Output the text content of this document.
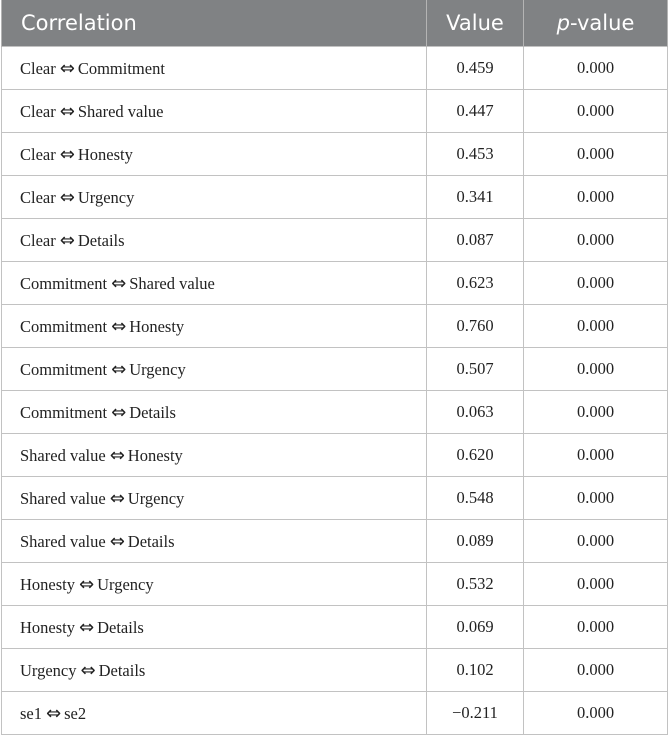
Correlation	Value	p-value
Clear ⇔ Commitment	0.459	0.000
Clear ⇔ Shared value	0.447	0.000
Clear ⇔ Honesty	0.453	0.000
Clear ⇔ Urgency	0.341	0.000
Clear ⇔ Details	0.087	0.000
Commitment ⇔ Shared value	0.623	0.000
Commitment ⇔ Honesty	0.760	0.000
Commitment ⇔ Urgency	0.507	0.000
Commitment ⇔ Details	0.063	0.000
Shared value ⇔ Honesty	0.620	0.000
Shared value ⇔ Urgency	0.548	0.000
Shared value ⇔ Details	0.089	0.000
Honesty ⇔ Urgency	0.532	0.000
Honesty ⇔ Details	0.069	0.000
Urgency ⇔ Details	0.102	0.000
se1 ⇔ se2	−0.211	0.000
